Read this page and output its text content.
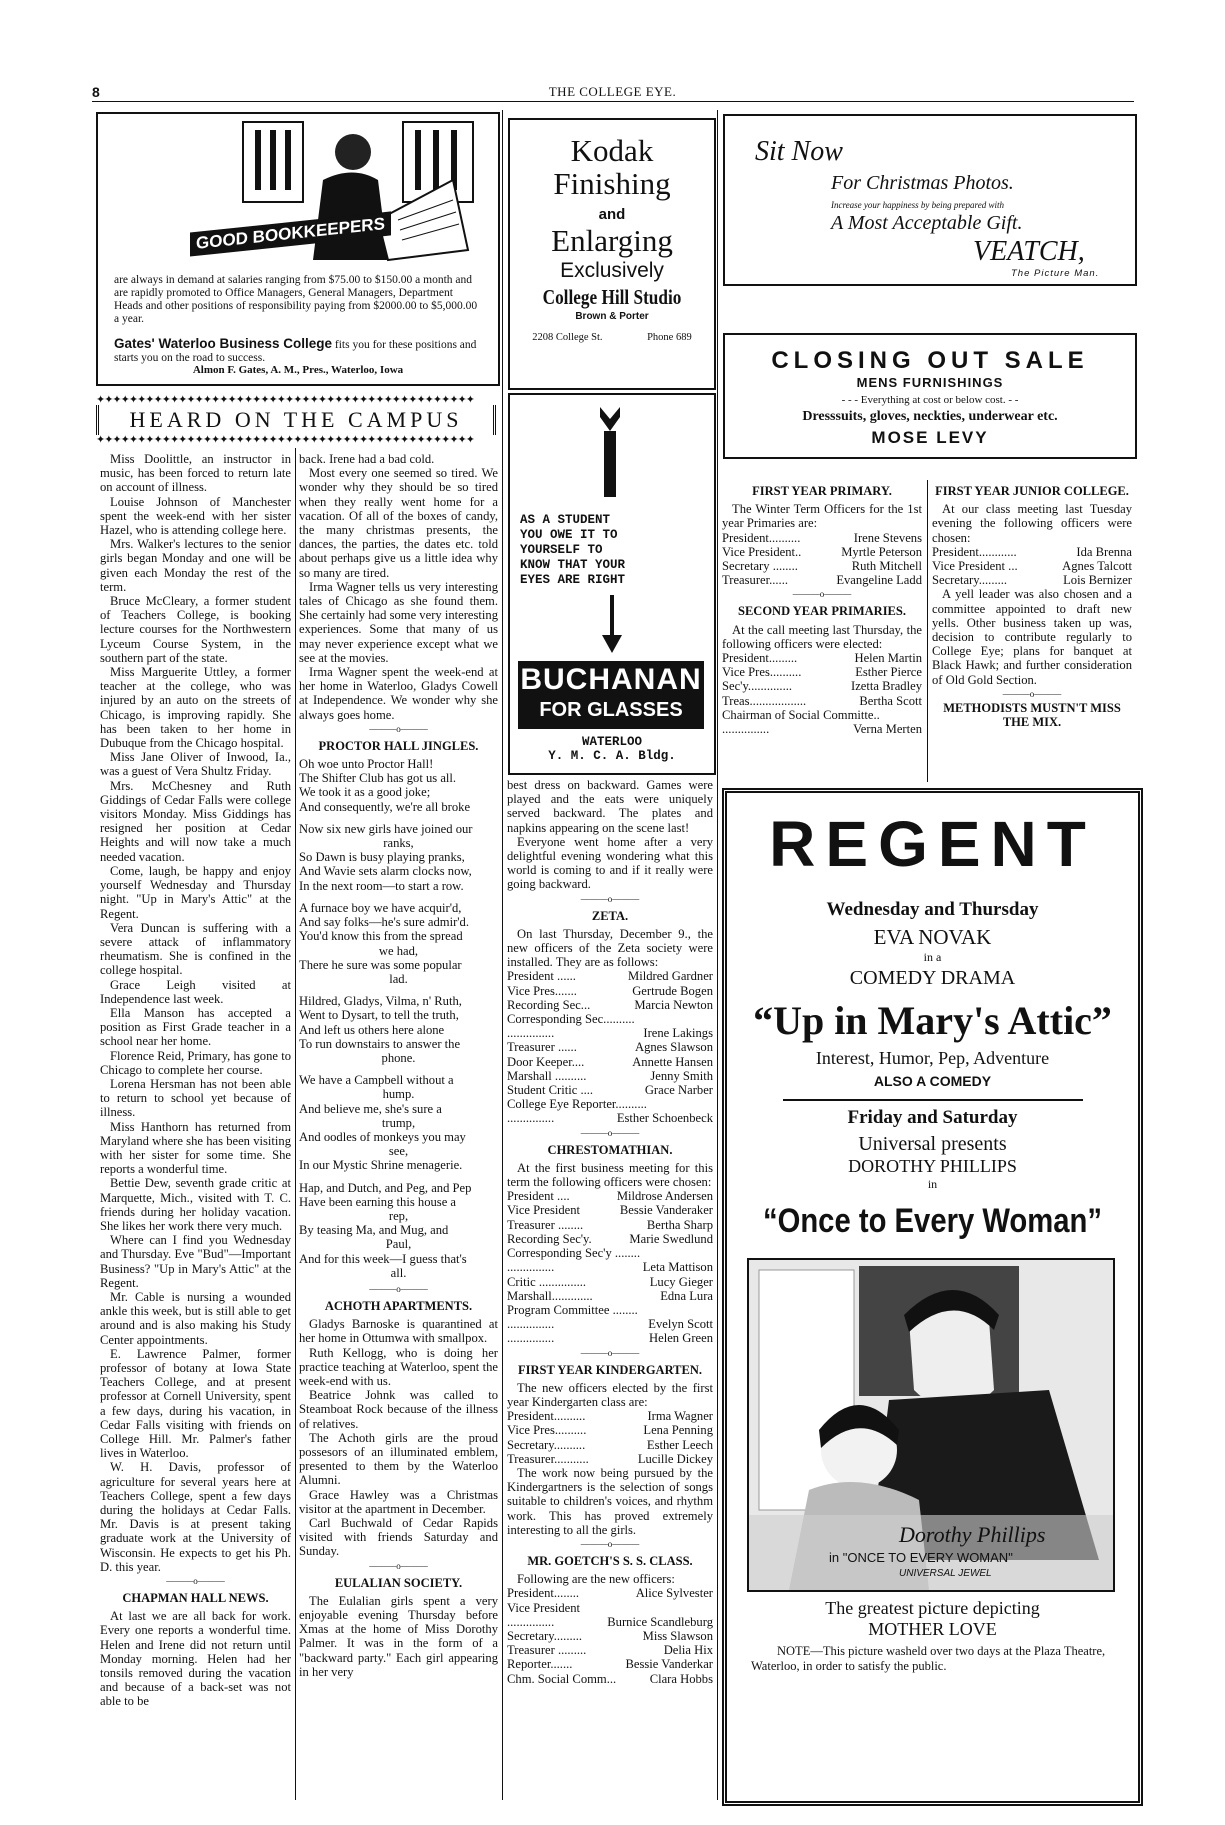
8	THE COLLEGE EYE.
GOOD BOOKKEEPERS
are always in demand at salaries ranging from $75.00 to $150.00 a month and are rapidly promoted to Office Managers, General Managers, Department Heads and other positions of responsibility paying from $2000.00 to $5,000.00 a year.
Gates' Waterloo Business College fits you for these positions and starts you on the road to success.
Almon F. Gates, A. M., Pres., Waterloo, Iowa
Kodak
Finishing
and
Enlarging
Exclusively
College Hill Studio
Brown & Porter
2208 College St.	Phone 689
Sit Now
For Christmas Photos.
Increase your happiness by being prepared with
A Most Acceptable Gift.
VEATCH,
The Picture Man.
CLOSING OUT SALE
MENS FURNISHINGS
- - - Everything at cost or below cost. - -
Dresssuits, gloves, neckties, underwear etc.
MOSE LEVY
AS A STUDENT
YOU OWE IT TO
YOURSELF TO
KNOW THAT YOUR
EYES ARE RIGHT
BUCHANAN
FOR GLASSES
WATERLOO
Y. M. C. A. Bldg.
✦✦✦✦✦✦✦✦✦✦✦✦✦✦✦✦✦✦✦✦✦✦✦✦✦✦✦✦✦✦✦✦✦✦✦✦✦✦✦✦✦✦✦✦✦✦
HEARD ON THE CAMPUS
✦✦✦✦✦✦✦✦✦✦✦✦✦✦✦✦✦✦✦✦✦✦✦✦✦✦✦✦✦✦✦✦✦✦✦✦✦✦✦✦✦✦✦✦✦✦

Miss Doolittle, an instructor in music, has been forced to return late on account of illness.

Louise Johnson of Manchester spent the week-end with her sister Hazel, who is attending college here.

Mrs. Walker's lectures to the senior girls began Monday and one will be given each Monday the rest of the term.

Bruce McCleary, a former student of Teachers College, is booking lecture courses for the Northwestern Lyceum Course System, in the southern part of the state.

Miss Marguerite Uttley, a former teacher at the college, who was injured by an auto on the streets of Chicago, is improving rapidly. She has been taken to her home in Dubuque from the Chicago hospital.

Miss Jane Oliver of Inwood, Ia., was a guest of Vera Shultz Friday.

Mrs. McChesney and Ruth Giddings of Cedar Falls were college visitors Monday. Miss Giddings has resigned her position at Cedar Heights and will now take a much needed vacation.

Come, laugh, be happy and enjoy yourself Wednesday and Thursday night. "Up in Mary's Attic" at the Regent.

Vera Duncan is suffering with a severe attack of inflammatory rheumatism. She is confined in the college hospital.

Grace Leigh visited at Independence last week.

Ella Manson has accepted a position as First Grade teacher in a school near her home.

Florence Reid, Primary, has gone to Chicago to complete her course.

Lorena Hersman has not been able to return to school yet because of illness.

Miss Hanthorn has returned from Maryland where she has been visiting with her sister for some time. She reports a wonderful time.

Bettie Dew, seventh grade critic at Marquette, Mich., visited with T. C. friends during her holiday vacation. She likes her work there very much.

Where can I find you Wednesday and Thursday. Eve "Bud"—Important Business? "Up in Mary's Attic" at the Regent.

Mr. Cable is nursing a wounded ankle this week, but is still able to get around and is also making his Study Center appointments.

E. Lawrence Palmer, former professor of botany at Iowa State Teachers College, and at present professor at Cornell University, spent a few days, during his vacation, in Cedar Falls visiting with friends on College Hill. Mr. Palmer's father lives in Waterloo.

W. H. Davis, professor of agriculture for several years here at Teachers College, spent a few days during the holidays at Cedar Falls. Mr. Davis is at present taking graduate work at the University of Wisconsin. He expects to get his Ph. D. this year.

———o———
CHAPMAN HALL NEWS.

At last we are all back for work. Every one reports a wonderful time. Helen and Irene did not return until Monday morning. Helen had her tonsils removed during the vacation and because of a back-set was not able to be

back. Irene had a bad cold.

Most every one seemed so tired. We wonder why they should be so tired when they really went home for a vacation. Of all of the boxes of candy, the many christmas presents, the dances, the parties, the dates etc. told about perhaps give us a little idea why so many are tired.

Irma Wagner tells us very interesting tales of Chicago as she found them. She certainly had some very interesting experiences. Some that many of us may never experience except what we see at the movies.

Irma Wagner spent the week-end at her home in Waterloo, Gladys Cowell at Independence. We wonder why she always goes home.

———o———
PROCTOR HALL JINGLES.
Oh woe unto Proctor Hall!
The Shifter Club has got us all.
We took it as a good joke;
And consequently, we're all broke
Now six new girls have joined our
ranks,
So Dawn is busy playing pranks,
And Wavie sets alarm clocks now,
In the next room—to start a row.
A furnace boy we have acquir'd,
And say folks—he's sure admir'd.
You'd know this from the spread
we had,
There he sure was some popular
lad.
Hildred, Gladys, Vilma, n' Ruth,
Went to Dysart, to tell the truth,
And left us others here alone
To run downstairs to answer the
phone.
We have a Campbell without a
hump.
And believe me, she's sure a
trump,
And oodles of monkeys you may
see,
In our Mystic Shrine menagerie.
Hap, and Dutch, and Peg, and Pep
Have been earning this house a
rep,
By teasing Ma, and Mug, and
Paul,
And for this week—I guess that's
all.
———o———
ACHOTH APARTMENTS.

Gladys Barnoske is quarantined at her home in Ottumwa with smallpox.

Ruth Kellogg, who is doing her practice teaching at Waterloo, spent the week-end with us.

Beatrice Johnk was called to Steamboat Rock because of the illness of relatives.

The Achoth girls are the proud possesors of an illuminated emblem, presented to them by the Waterloo Alumni.

Grace Hawley was a Christmas visitor at the apartment in December.

Carl Buchwald of Cedar Rapids visited with friends Saturday and Sunday.

———o———
EULALIAN SOCIETY.

The Eulalian girls spent a very enjoyable evening Thursday before Xmas at the home of Miss Dorothy Palmer. It was in the form of a "backward party." Each girl appearing in her very

best dress on backward. Games were played and the eats were uniquely served backward. The plates and napkins appearing on the scene last!

Everyone went home after a very delightful evening wondering what this world is coming to and if it really were going backward.

———o———
ZETA.

On last Thursday, December 9., the new officers of the Zeta society were installed. They are as follows:

President ......	Mildred Gardner
Vice Pres.......	Gertrude Bogen
Recording Sec...	Marcia Newton
Corresponding Sec..........
...............	Irene Lakings
Treasurer ......	Agnes Slawson
Door Keeper....	Annette Hansen
Marshall ..........	Jenny Smith
Student Critic ....	Grace Narber
College Eye Reporter..........
...............	Esther Schoenbeck
———o———
CHRESTOMATHIAN.

At the first business meeting for this term the following officers were chosen:

President ....	Mildrose Andersen
Vice President	Bessie Vanderaker
Treasurer ........	Bertha Sharp
Recording Sec'y.	Marie Swedlund
Corresponding Sec'y ........
...............	Leta Mattison
Critic ...............	Lucy Gieger
Marshall.............	Edna Lura
Program Committee ........
...............	Evelyn Scott
...............	Helen Green
———o———
FIRST YEAR KINDERGARTEN.

The new officers elected by the first year Kindergarten class are:

President..........	Irma Wagner
Vice Pres..........	Lena Penning
Secretary..........	Esther Leech
Treasurer...........	Lucille Dickey

The work now being pursued by the Kindergartners is the selection of songs suitable to children's voices, and rhythm work. This has proved extremely interesting to all the girls.

———o———
MR. GOETCH'S S. S. CLASS.

Following are the new officers:

President........	Alice Sylvester
Vice President
...............	Burnice Scandleburg
Secretary.........	Miss Slawson
Treasurer .........	Delia Hix
Reporter.......	Bessie Vanderkar
Chm. Social Comm...	Clara Hobbs
FIRST YEAR PRIMARY.

The Winter Term Officers for the 1st year Primaries are:

President..........	Irene Stevens
Vice President..	Myrtle Peterson
Secretary ........	Ruth Mitchell
Treasurer......	Evangeline Ladd
———o———
SECOND YEAR PRIMARIES.

At the call meeting last Thursday, the following officers were elected:

President.........	Helen Martin
Vice Pres..........	Esther Pierce
Sec'y..............	Izetta Bradley
Treas..................	Bertha Scott
Chairman of Social Committe..
...............	Verna Merten
FIRST YEAR JUNIOR COLLEGE.

At our class meeting last Tuesday evening the following officers were chosen:

President............	Ida Brenna
Vice President ...	Agnes Talcott
Secretary.........	Lois Bernizer

A yell leader was also chosen and a committee appointed to draft new yells. Other business taken up was, decision to contribute regularly to College Eye; plans for banquet at Black Hawk; and further consideration of Old Gold Section.

———o———
METHODISTS MUSTN'T MISS THE MIX.
REGENT
Wednesday and Thursday
EVA NOVAK
in a
COMEDY DRAMA
“Up in Mary's Attic”
Interest, Humor, Pep, Adventure
ALSO A COMEDY
Friday and Saturday
Universal presents
DOROTHY PHILLIPS
in
“Once to Every Woman”
Dorothy Phillips
in "ONCE TO EVERY WOMAN"
UNIVERSAL JEWEL
The greatest picture depicting
MOTHER LOVE
NOTE—This picture washeld over two days at the Plaza Theatre, Waterloo, in order to satisfy the public.
